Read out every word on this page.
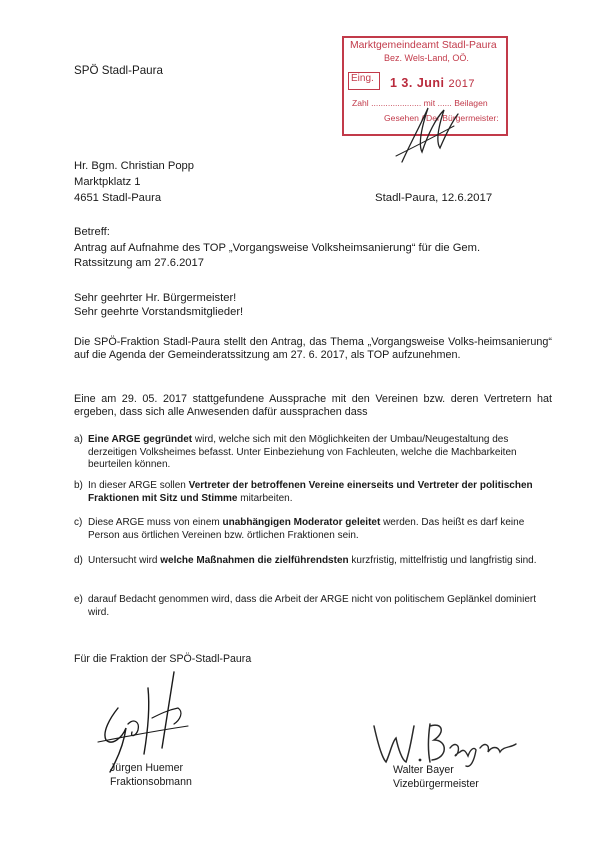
SPÖ Stadl-Paura
Marktgemeindeamt Stadl-Paura
Bez. Wels-Land, OÖ.
Eing. 1 3. Juni 2017
Zahl ..................... mit ...... Beilagen
Gesehen / Der Bürgermeister:
Hr. Bgm. Christian Popp
Marktpklatz 1
4651 Stadl-Paura	Stadl-Paura, 12.6.2017
Betreff:
Antrag auf Aufnahme des TOP „Vorgangsweise Volksheimsanierung“ für die Gem.
Ratssitzung am 27.6.2017
Sehr geehrter Hr. Bürgermeister!
Sehr geehrte Vorstandsmitglieder!
Die SPÖ-Fraktion Stadl-Paura stellt den Antrag, das Thema „Vorgangsweise Volks-heimsanierung“ auf die Agenda der Gemeinderatssitzung am 27. 6. 2017, als TOP aufzunehmen.
Eine am 29. 05. 2017 stattgefundene Aussprache mit den Vereinen bzw. deren Vertretern hat ergeben, dass sich alle Anwesenden dafür aussprachen dass
a) Eine ARGE gegründet wird, welche sich mit den Möglichkeiten der Umbau/Neugestaltung des derzeitigen Volksheimes befasst. Unter Einbeziehung von Fachleuten, welche die Machbarkeiten beurteilen können.
b) In dieser ARGE sollen Vertreter der betroffenen Vereine einerseits und Vertreter der politischen Fraktionen mit Sitz und Stimme mitarbeiten.
c) Diese ARGE muss von einem unabhängigen Moderator geleitet werden. Das heißt es darf keine Person aus örtlichen Vereinen bzw. örtlichen Fraktionen sein.
d) Untersucht wird welche Maßnahmen die zielführendsten kurzfristig, mittelfristig und langfristig sind.
e) darauf Bedacht genommen wird, dass die Arbeit der ARGE nicht von politischem Geplänkel dominiert wird.
Für die Fraktion der SPÖ-Stadl-Paura
Jürgen Huemer
Fraktionsobmann
Walter Bayer
Vizebürgermeister
